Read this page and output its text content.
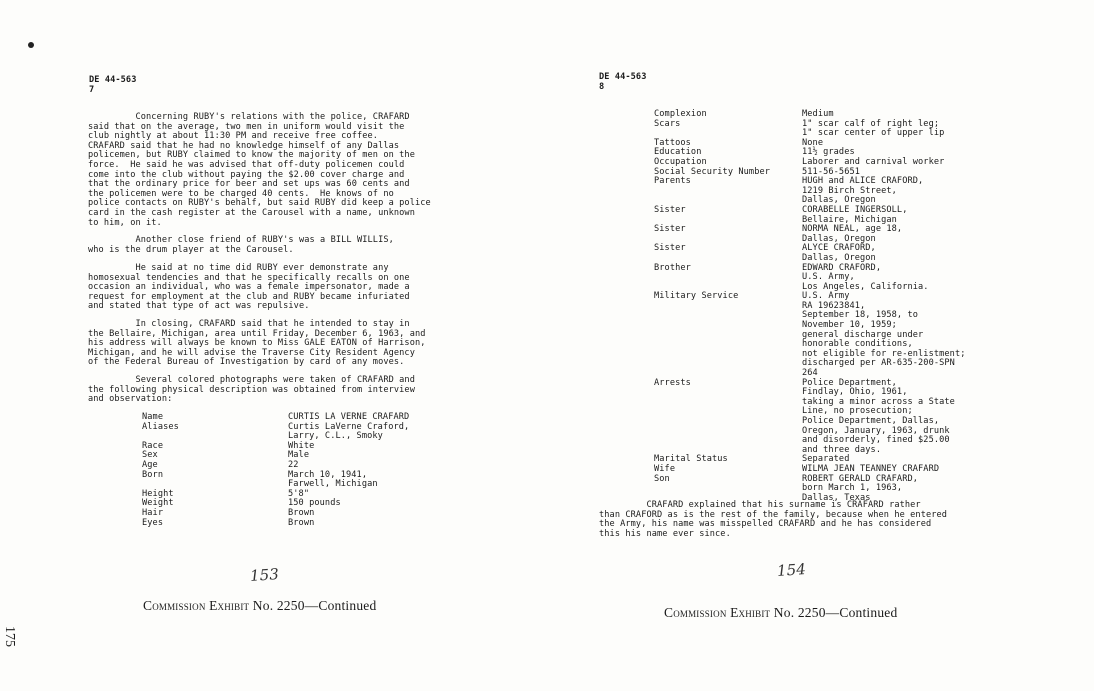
175
DE 44-563
7
Concerning RUBY's relations with the police, CRAFARD
said that on the average, two men in uniform would visit the
club nightly at about 11:30 PM and receive free coffee.
CRAFARD said that he had no knowledge himself of any Dallas
policemen, but RUBY claimed to know the majority of men on the
force.  He said he was advised that off-duty policemen could
come into the club without paying the $2.00 cover charge and
that the ordinary price for beer and set ups was 60 cents and
the policemen were to be charged 40 cents.  He knows of no
police contacts on RUBY's behalf, but said RUBY did keep a police
card in the cash register at the Carousel with a name, unknown
to him, on it.
Another close friend of RUBY's was a BILL WILLIS,
who is the drum player at the Carousel.
He said at no time did RUBY ever demonstrate any
homosexual tendencies and that he specifically recalls on one
occasion an individual, who was a female impersonator, made a
request for employment at the club and RUBY became infuriated
and stated that type of act was repulsive.
In closing, CRAFARD said that he intended to stay in
the Bellaire, Michigan, area until Friday, December 6, 1963, and
his address will always be known to Miss GALE EATON of Harrison,
Michigan, and he will advise the Traverse City Resident Agency
of the Federal Bureau of Investigation by card of any moves.
Several colored photographs were taken of CRAFARD and
the following physical description was obtained from interview
and observation:
Name	CURTIS LA VERNE CRAFARD
Aliases	Curtis LaVerne Craford,
Larry, C.L., Smoky
Race	White
Sex	Male
Age	22
Born	March 10, 1941,
Farwell, Michigan
Height	5'8"
Weight	150 pounds
Hair	Brown
Eyes	Brown
153
Commission Exhibit No. 2250—Continued
DE 44-563
8
Complexion	Medium
Scars	1" scar calf of right leg;
1" scar center of upper lip
Tattoos	None
Education	11½ grades
Occupation	Laborer and carnival worker
Social Security Number	511-56-5651
Parents	HUGH and ALICE CRAFORD,
1219 Birch Street,
Dallas, Oregon
Sister	CORABELLE INGERSOLL,
Bellaire, Michigan
Sister	NORMA NEAL, age 18,
Dallas, Oregon
Sister	ALYCE CRAFORD,
Dallas, Oregon
Brother	EDWARD CRAFORD,
U.S. Army,
Los Angeles, California.
Military Service	U.S. Army
RA 19623841,
September 18, 1958, to
November 10, 1959;
general discharge under
honorable conditions,
not eligible for re-enlistment;
discharged per AR-635-200-SPN
264
Arrests	Police Department,
Findlay, Ohio, 1961,
taking a minor across a State
Line, no prosecution;
Police Department, Dallas,
Oregon, January, 1963, drunk
and disorderly, fined $25.00
and three days.
Marital Status	Separated
Wife	WILMA JEAN TEANNEY CRAFARD
Son	ROBERT GERALD CRAFARD,
born March 1, 1963,
Dallas, Texas
CRAFARD explained that his surname is CRAFARD rather
than CRAFORD as is the rest of the family, because when he entered
the Army, his name was misspelled CRAFARD and he has considered
this his name ever since.
154
Commission Exhibit No. 2250—Continued
